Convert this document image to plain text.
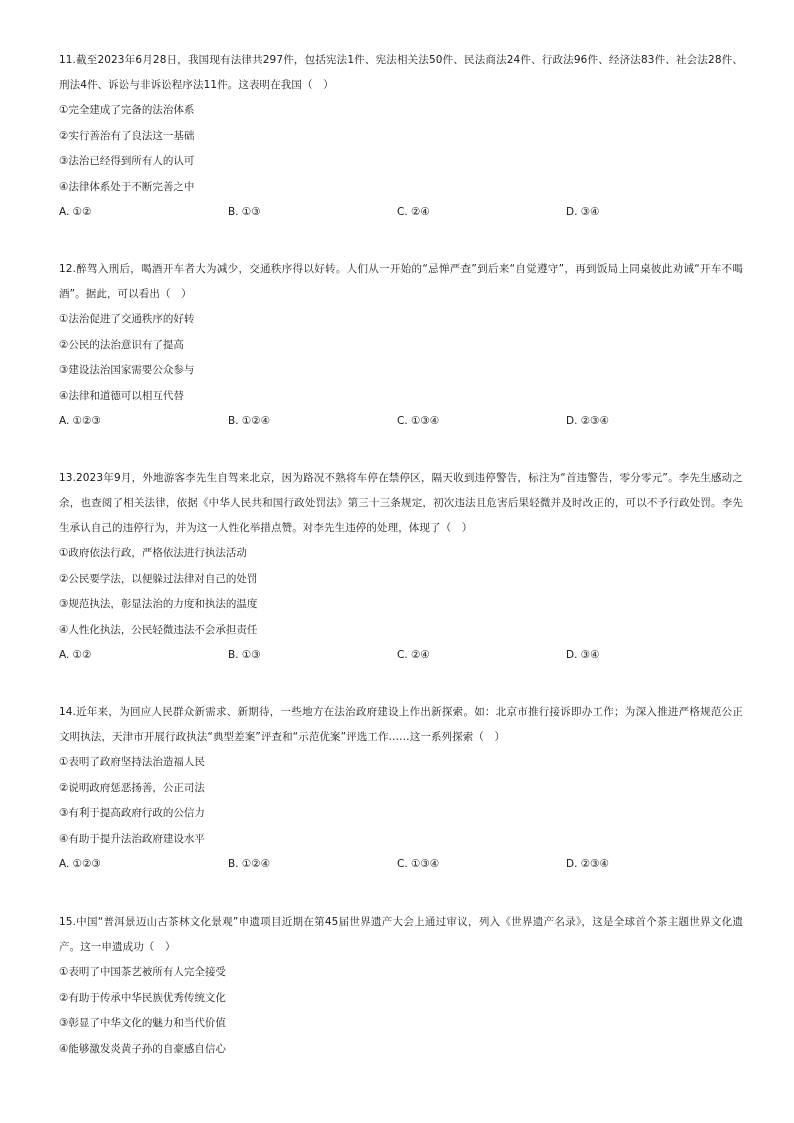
11.截至2023年6月28日，我国现有法律共297件，包括宪法1件、宪法相关法50件、民法商法24件、行政法96件、经济法83件、社会法28件、刑法4件、诉讼与非诉讼程序法11件。这表明在我国（　）

①完全建成了完备的法治体系

②实行善治有了良法这一基础

③法治已经得到所有人的认可

④法律体系处于不断完善之中

A. ①②	B. ①③	C. ②④	D. ③④

12.醉驾入刑后，喝酒开车者大为减少，交通秩序得以好转。人们从一开始的“忌惮严查”到后来“自觉遵守”，再到饭局上同桌彼此劝诫“开车不喝酒”。据此，可以看出（　）

①法治促进了交通秩序的好转

②公民的法治意识有了提高

③建设法治国家需要公众参与

④法律和道德可以相互代替

A. ①②③	B. ①②④	C. ①③④	D. ②③④

13.2023年9月，外地游客李先生自驾来北京，因为路况不熟将车停在禁停区，隔天收到违停警告，标注为“首违警告，零分零元”。李先生感动之余，也查阅了相关法律，依据《中华人民共和国行政处罚法》第三十三条规定，初次违法且危害后果轻微并及时改正的，可以不予行政处罚。李先生承认自己的违停行为，并为这一人性化举措点赞。对李先生违停的处理，体现了（　）

①政府依法行政，严格依法进行执法活动

②公民要学法，以便躲过法律对自己的处罚

③规范执法，彰显法治的力度和执法的温度

④人性化执法，公民轻微违法不会承担责任

A. ①②	B. ①③	C. ②④	D. ③④

14.近年来，为回应人民群众新需求、新期待，一些地方在法治政府建设上作出新探索。如：北京市推行接诉即办工作；为深入推进严格规范公正文明执法，天津市开展行政执法“典型差案”评查和“示范优案”评选工作……这一系列探索（　）

①表明了政府坚持法治造福人民

②说明政府惩恶扬善，公正司法

③有利于提高政府行政的公信力

④有助于提升法治政府建设水平

A. ①②③	B. ①②④	C. ①③④	D. ②③④

15.中国“普洱景迈山古茶林文化景观”申遗项目近期在第45届世界遗产大会上通过审议，列入《世界遗产名录》，这是全球首个茶主题世界文化遗产。这一申遗成功（　）

①表明了中国茶艺被所有人完全接受

②有助于传承中华民族优秀传统文化

③彰显了中华文化的魅力和当代价值

④能够激发炎黄子孙的自豪感自信心
